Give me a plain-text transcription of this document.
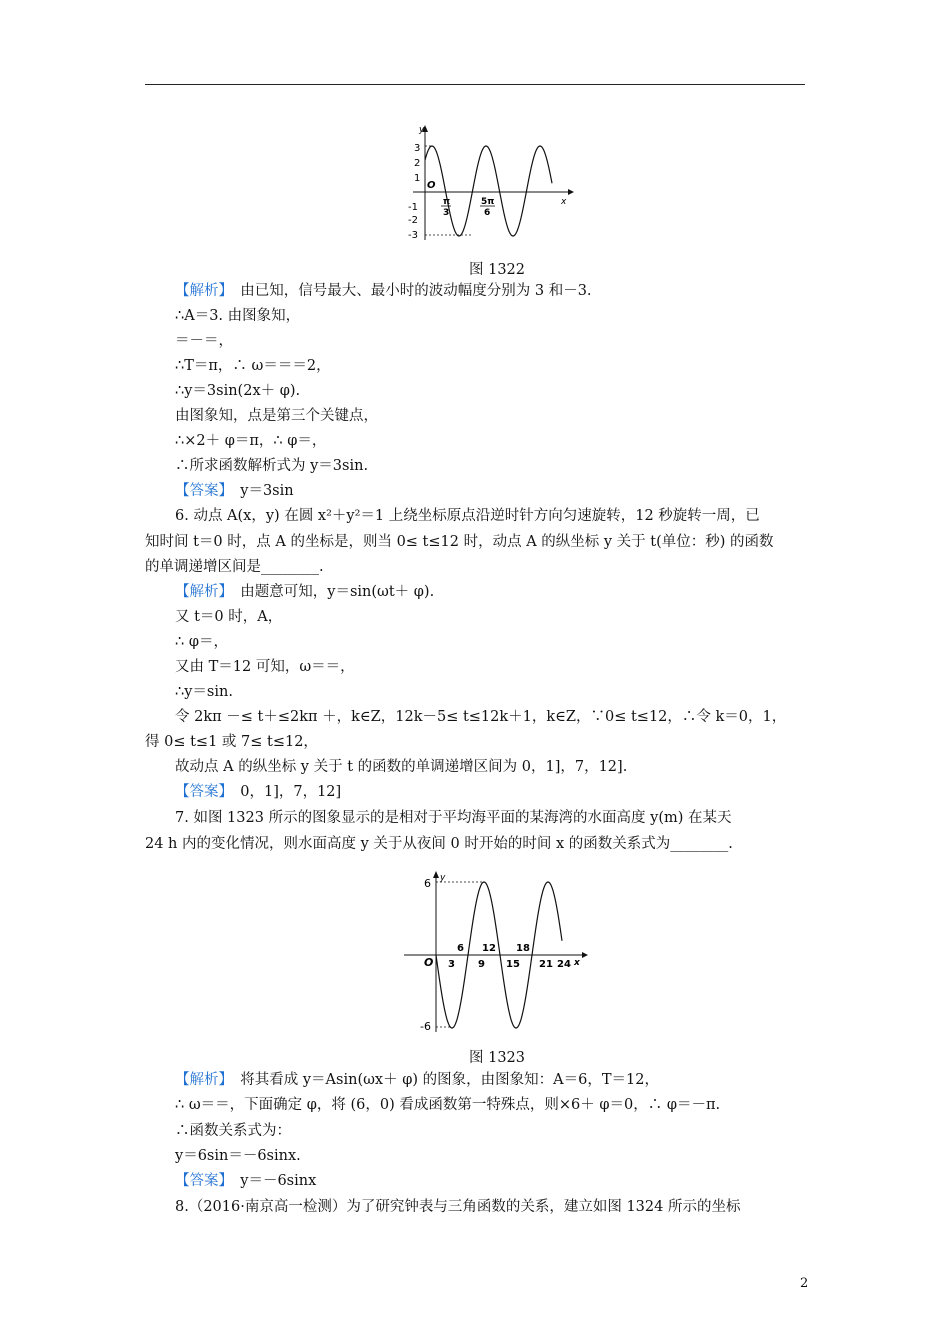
y
x
O
3
2
1
-1
-2
-3
π
3
5π
6
图 1322
y
x
O
6
-6
3 9 15 21 24
6 12 18
图 1323
【解析】　由已知，信号最大、最小时的波动幅度分别为 3 和－3.
∴A＝3. 由图象知，
＝－＝，
∴T＝π，∴ ω＝＝＝2，
∴y＝3sin(2x＋ φ).
由图象知，点是第三个关键点，
∴×2＋ φ＝π，∴ φ＝，
∴所求函数解析式为 y＝3sin.
【答案】　y＝3sin
6. 动点 A(x，y) 在圆 x²＋y²＝1 上绕坐标原点沿逆时针方向匀速旋转，12 秒旋转一周，已
知时间 t＝0 时，点 A 的坐标是，则当 0≤ t≤12 时，动点 A 的纵坐标 y 关于 t(单位：秒) 的函数
的单调递增区间是________.
【解析】　由题意可知，y＝sin(ωt＋ φ).
又 t＝0 时，A，
∴ φ＝，
又由 T＝12 可知，ω＝＝，
∴y＝sin.
令 2kπ －≤ t＋≤2kπ ＋，k∈Z，12k－5≤ t≤12k＋1，k∈Z，∵0≤ t≤12，∴令 k＝0，1，
得 0≤ t≤1 或 7≤ t≤12，
故动点 A 的纵坐标 y 关于 t 的函数的单调递增区间为 0，1]，7，12].
【答案】　0，1]，7，12]
7. 如图 1323 所示的图象显示的是相对于平均海平面的某海湾的水面高度 y(m) 在某天
24 h 内的变化情况，则水面高度 y 关于从夜间 0 时开始的时间 x 的函数关系式为________.
【解析】　将其看成 y＝Asin(ωx＋ φ) 的图象，由图象知：A＝6，T＝12，
∴ ω＝＝，下面确定 φ，将 (6，0) 看成函数第一特殊点，则×6＋ φ＝0，∴ φ＝－π.
∴函数关系式为：
y＝6sin＝－6sinx.
【答案】　y＝－6sinx
8.（2016·南京高一检测）为了研究钟表与三角函数的关系，建立如图 1324 所示的坐标
2
